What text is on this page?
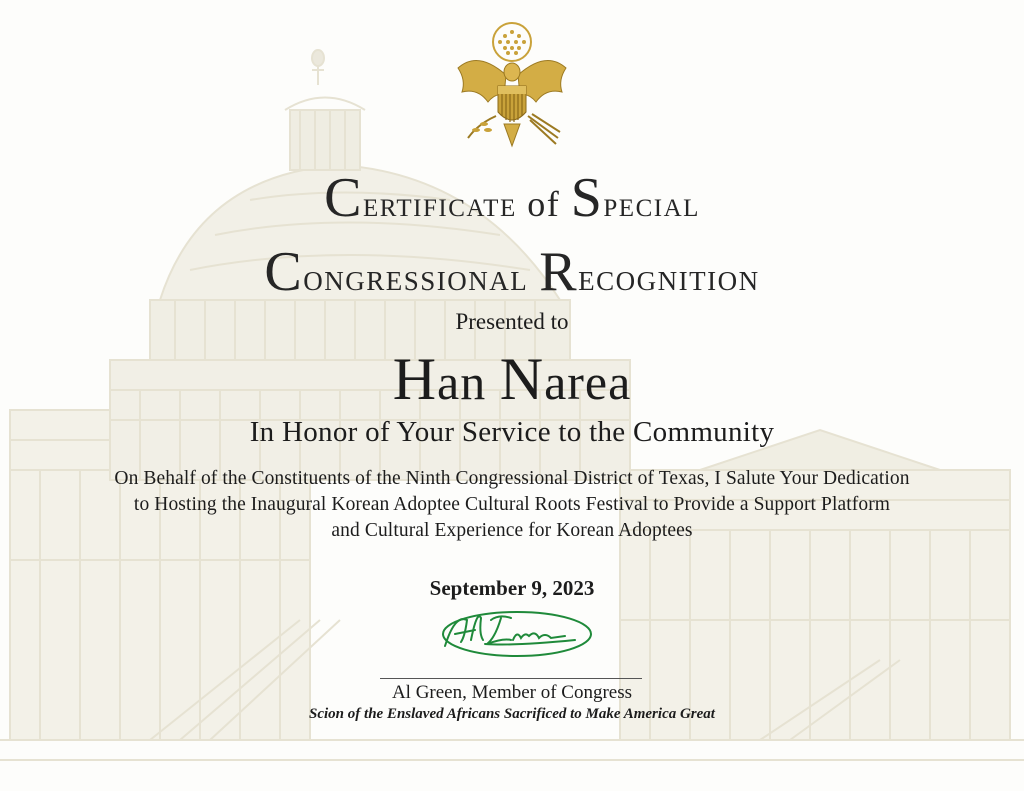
Certificate of Special
Congressional Recognition
Presented to
Han Narea
In Honor of Your Service to the Community
On Behalf of the Constituents of the Ninth Congressional District of Texas, I Salute Your Dedication
to Hosting the Inaugural Korean Adoptee Cultural Roots Festival to Provide a Support Platform
and Cultural Experience for Korean Adoptees
September 9, 2023
Al Green, Member of Congress
Scion of the Enslaved Africans Sacrificed to Make America Great
